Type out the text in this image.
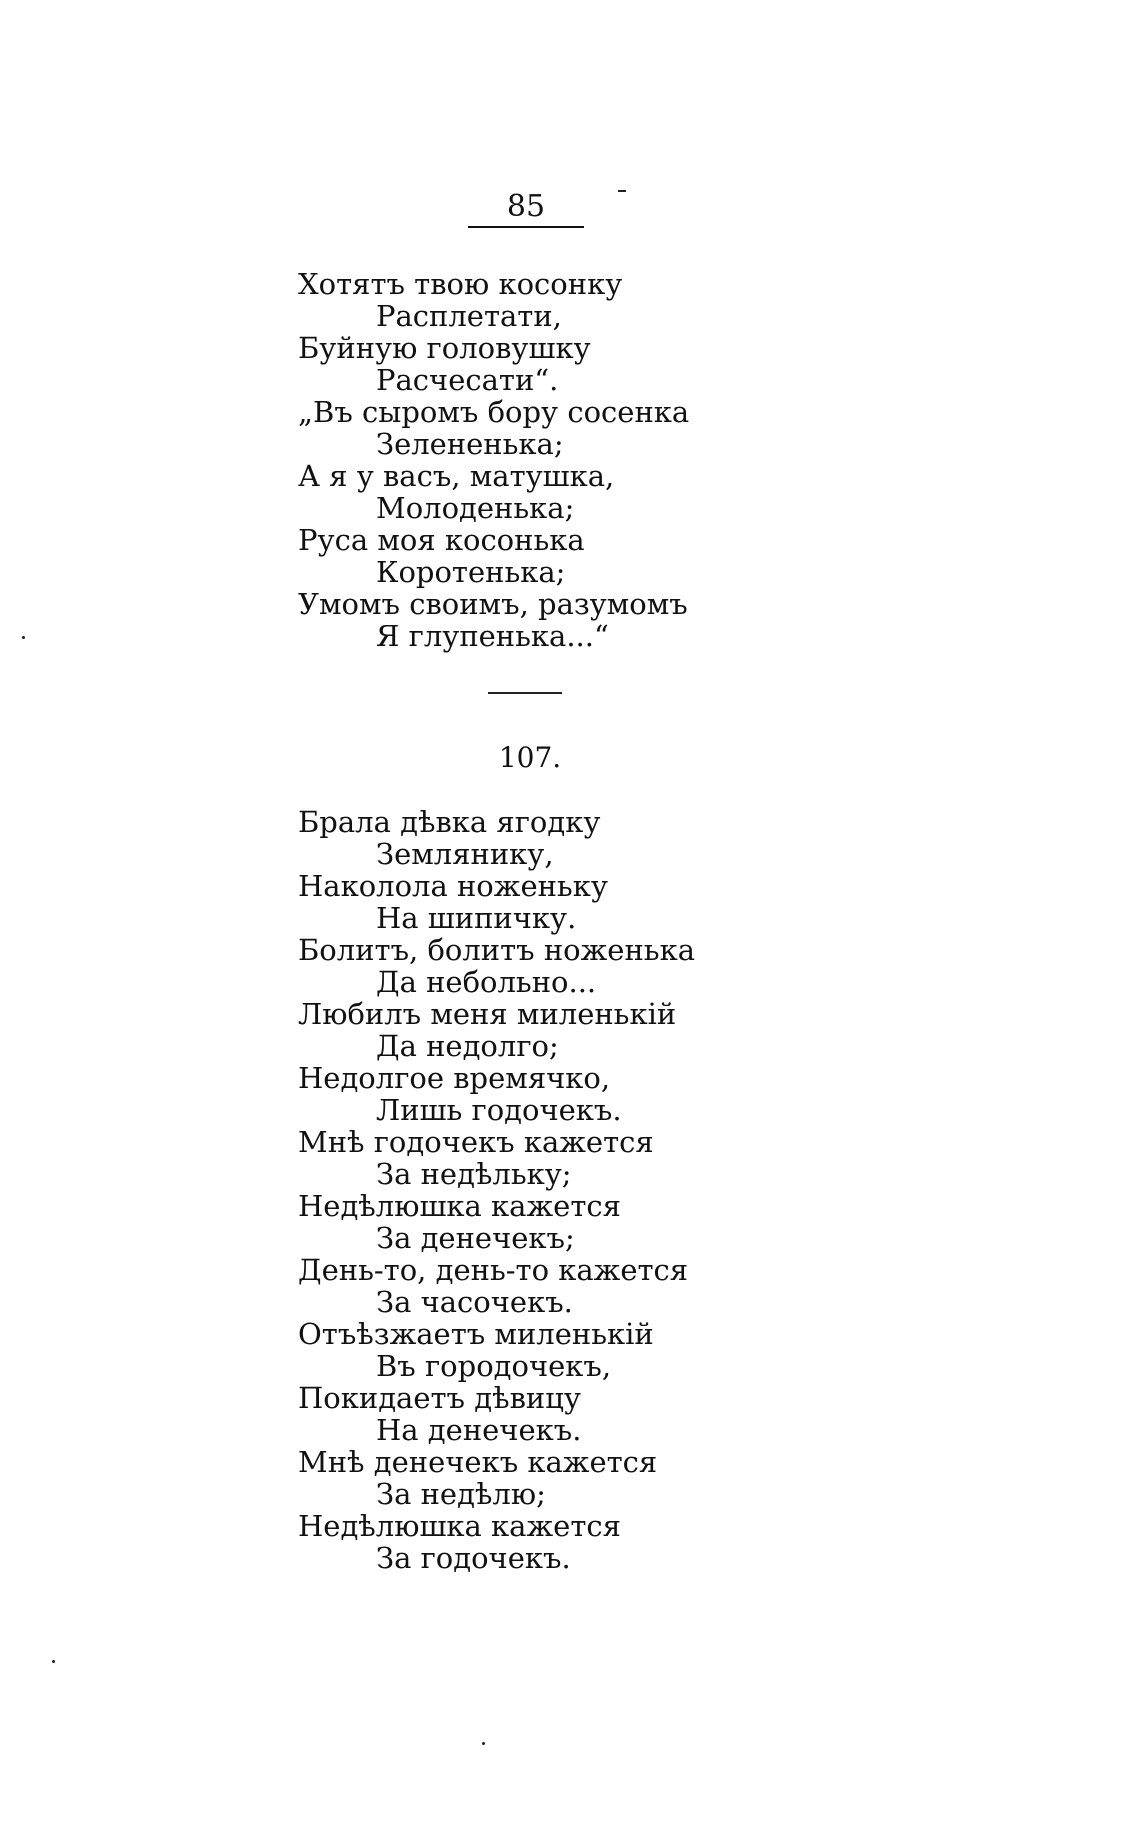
85
Хотятъ твою косонку
Расплетати,
Буйную головушку
Расчесати“.
„Въ сыромъ бору сосенка
Зелененька;
А я у васъ, матушка,
Молоденька;
Руса моя косонька
Коротенька;
Умомъ своимъ, разумомъ
Я глупенька...“
107.
Брала дѣвка ягодку
Землянику,
Наколола ноженьку
На шипичку.
Болитъ, болитъ ноженька
Да небольно...
Любилъ меня миленькій
Да недолго;
Недолгое времячко,
Лишь годочекъ.
Мнѣ годочекъ кажется
За недѣльку;
Недѣлюшка кажется
За денечекъ;
День-то, день-то кажется
За часочекъ.
Отъѣзжаетъ миленькій
Въ городочекъ,
Покидаетъ дѣвицу
На денечекъ.
Мнѣ денечекъ кажется
За недѣлю;
Недѣлюшка кажется
За годочекъ.
